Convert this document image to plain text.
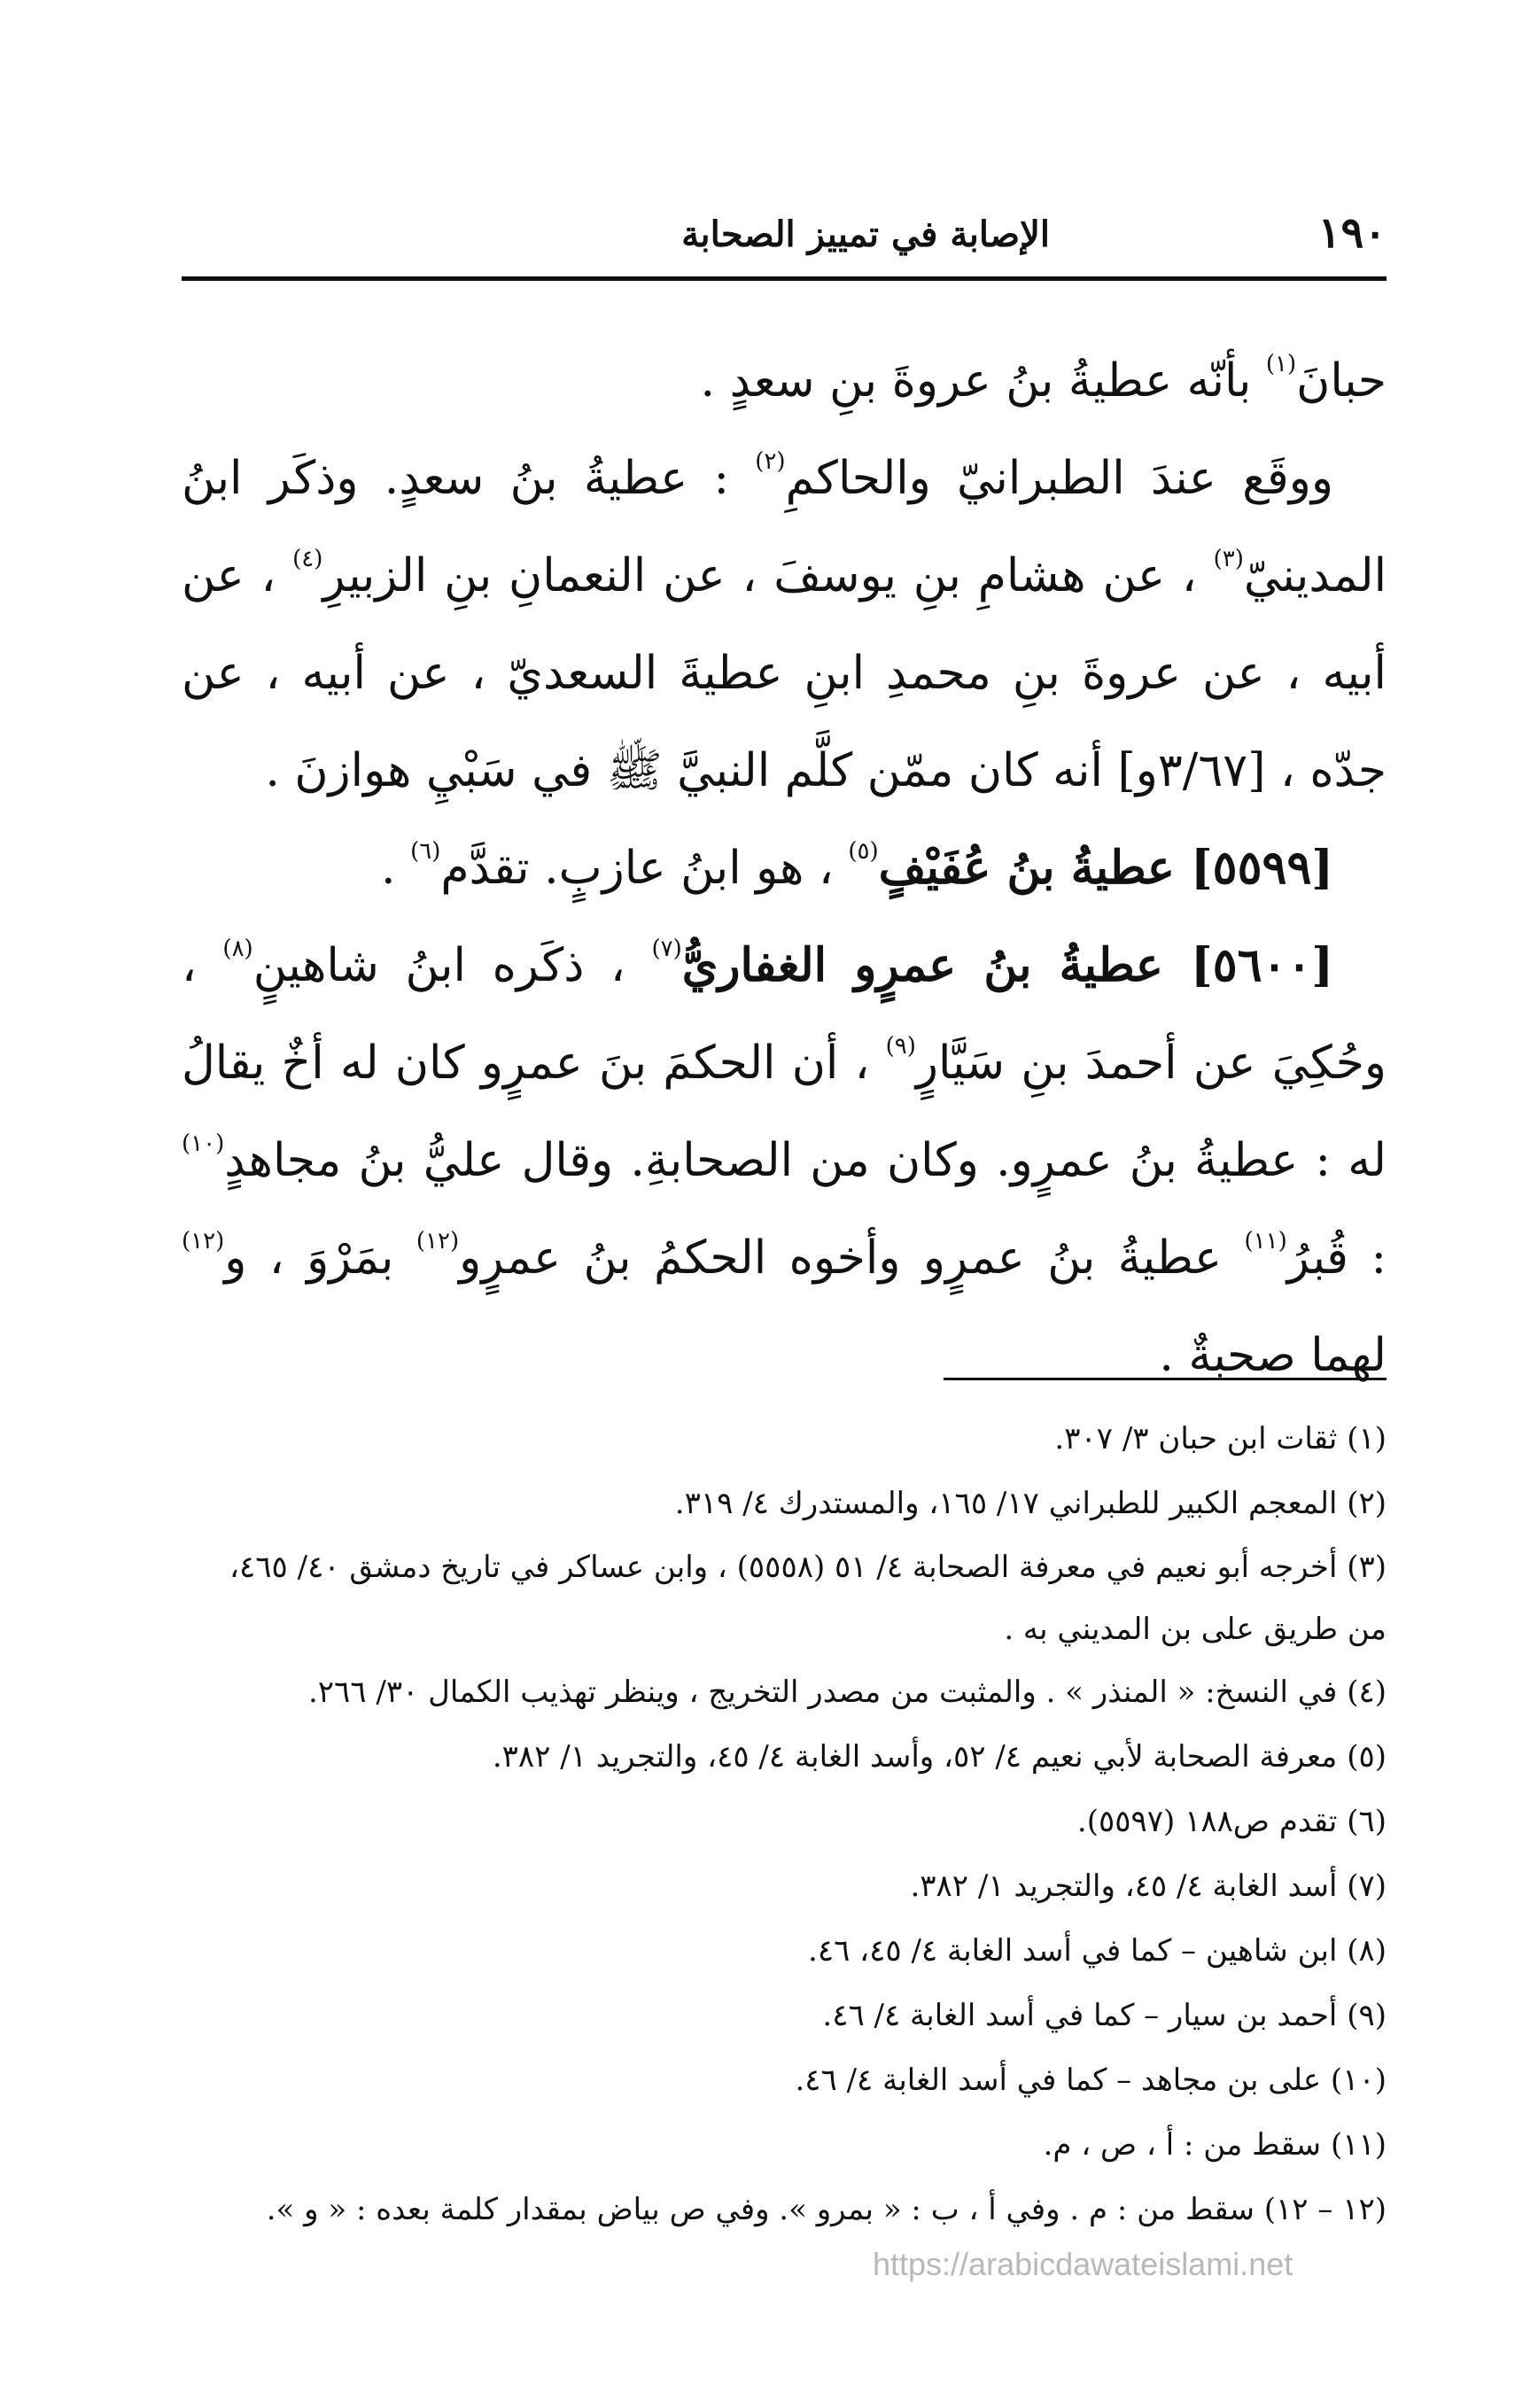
١٩٠
الإصابة في تمييز الصحابة

حبانَ$^{(١)}$ بأنّه عطيةُ بنُ عروةَ بنِ سعدٍ .

ووقَع عندَ الطبرانيّ والحاكمِ$^{(٢)}$ : عطيةُ بنُ سعدٍ. وذكَر ابنُ المدينيّ$^{(٣)}$ ، عن هشامِ بنِ يوسفَ ، عن النعمانِ بنِ الزبيرِ$^{(٤)}$ ، عن أبيه ، عن عروةَ بنِ محمدِ ابنِ عطيةَ السعديّ ، عن أبيه ، عن جدّه ، [٣/٦٧و] أنه كان ممّن كلَّم النبيَّ ﷺ في سَبْيِ هوازنَ .

[٥٥٩٩] عطيةُ بنُ عُفَيْفٍ$^{(٥)}$ ، هو ابنُ عازبٍ. تقدَّم$^{(٦)}$ .

[٥٦٠٠] عطيةُ بنُ عمرٍو الغفاريُّ$^{(٧)}$ ، ذكَره ابنُ شاهينٍ$^{(٨)}$ ، وحُكِيَ عن أحمدَ بنِ سَيَّارٍ$^{(٩)}$ ، أن الحكمَ بنَ عمرٍو كان له أخٌ يقالُ له : عطيةُ بنُ عمرٍو. وكان من الصحابةِ. وقال عليُّ بنُ مجاهدٍ$^{(١٠)}$ : قُبرُ$^{(١١)}$ عطيةُ بنُ عمرٍو وأخوه الحكمُ بنُ عمرٍو$^{(١٢)}$ بمَرْوَ ، و$^{(١٢)}$ لهما صحبةٌ .

(١) ثقات ابن حبان ٣/ ٣٠٧.

(٢) المعجم الكبير للطبراني ١٧/ ١٦٥، والمستدرك ٤/ ٣١٩.

(٣) أخرجه أبو نعيم في معرفة الصحابة ٤/ ٥١ (٥٥٥٨) ، وابن عساكر في تاريخ دمشق ٤٠/ ٤٦٥، من طريق على بن المديني به .

(٤) في النسخ: « المنذر » . والمثبت من مصدر التخريج ، وينظر تهذيب الكمال ٣٠/ ٢٦٦.

(٥) معرفة الصحابة لأبي نعيم ٤/ ٥٢، وأسد الغابة ٤/ ٤٥، والتجريد ١/ ٣٨٢.

(٦) تقدم ص١٨٨ (٥٥٩٧).

(٧) أسد الغابة ٤/ ٤٥، والتجريد ١/ ٣٨٢.

(٨) ابن شاهين – كما في أسد الغابة ٤/ ٤٥، ٤٦.

(٩) أحمد بن سيار – كما في أسد الغابة ٤/ ٤٦.

(١٠) على بن مجاهد – كما في أسد الغابة ٤/ ٤٦.

(١١) سقط من : أ ، ص ، م.

(١٢ – ١٢) سقط من : م . وفي أ ، ب : « بمرو ». وفي ص بياض بمقدار كلمة بعده : « و ».

https://arabicdawateislami.net
